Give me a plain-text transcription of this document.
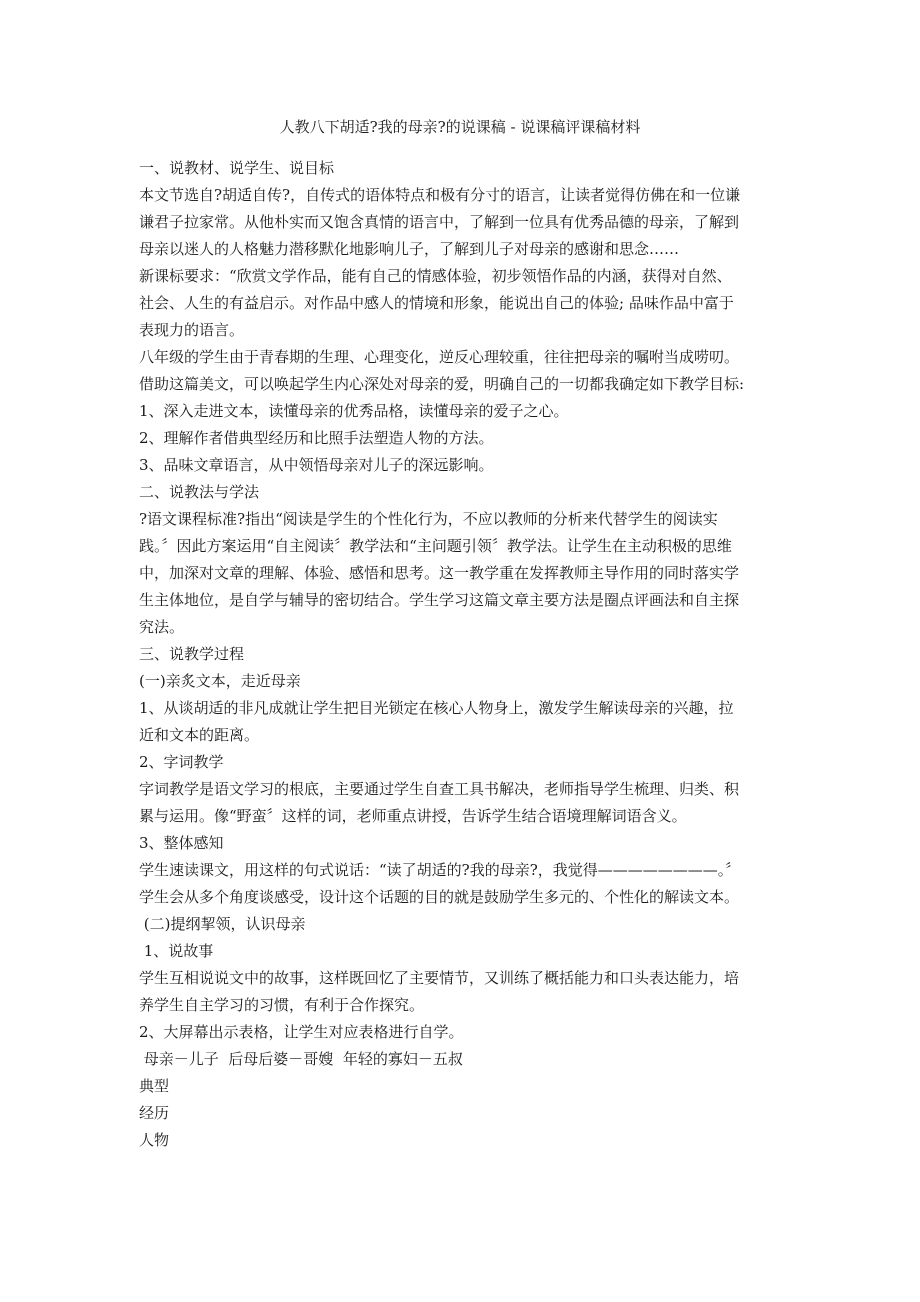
人教八下胡适?我的母亲?的说课稿 - 说课稿评课稿材料
一、说教材、说学生、说目标
本文节选自?胡适自传?，自传式的语体特点和极有分寸的语言，让读者觉得仿佛在和一位谦
谦君子拉家常。从他朴实而又饱含真情的语言中，了解到一位具有优秀品德的母亲，了解到
母亲以迷人的人格魅力潜移默化地影响儿子，了解到儿子对母亲的感谢和思念……
新课标要求：“欣赏文学作品，能有自己的情感体验，初步领悟作品的内涵，获得对自然、
社会、人生的有益启示。对作品中感人的情境和形象，能说出自己的体验; 品味作品中富于
表现力的语言。
八年级的学生由于青春期的生理、心理变化，逆反心理较重，往往把母亲的嘱咐当成唠叨。
借助这篇美文，可以唤起学生内心深处对母亲的爱，明确自己的一切都我确定如下教学目标:
1、深入走进文本，读懂母亲的优秀品格，读懂母亲的爱子之心。
2、理解作者借典型经历和比照手法塑造人物的方法。
3、品味文章语言，从中领悟母亲对儿子的深远影响。
二、说教法与学法
?语文课程标准?指出“阅读是学生的个性化行为，不应以教师的分析来代替学生的阅读实
践。〞因此方案运用“自主阅读〞教学法和“主问题引领〞教学法。让学生在主动积极的思维
中，加深对文章的理解、体验、感悟和思考。这一教学重在发挥教师主导作用的同时落实学
生主体地位，是自学与辅导的密切结合。学生学习这篇文章主要方法是圈点评画法和自主探
究法。
三、说教学过程
(一)亲炙文本，走近母亲
1、从谈胡适的非凡成就让学生把目光锁定在核心人物身上，激发学生解读母亲的兴趣，拉
近和文本的距离。
2、字词教学
字词教学是语文学习的根底，主要通过学生自查工具书解决，老师指导学生梳理、归类、积
累与运用。像“野蛮〞这样的词，老师重点讲授，告诉学生结合语境理解词语含义。
3、整体感知
学生速读课文，用这样的句式说话：“读了胡适的?我的母亲?，我觉得————————。〞
学生会从多个角度谈感受，设计这个话题的目的就是鼓励学生多元的、个性化的解读文本。
(二)提纲挈领，认识母亲
1、说故事
学生互相说说文中的故事，这样既回忆了主要情节，又训练了概括能力和口头表达能力，培
养学生自主学习的习惯，有利于合作探究。
2、大屏幕出示表格，让学生对应表格进行自学。
母亲－儿子  后母后婆－哥嫂  年轻的寡妇－五叔
典型
经历
人物
